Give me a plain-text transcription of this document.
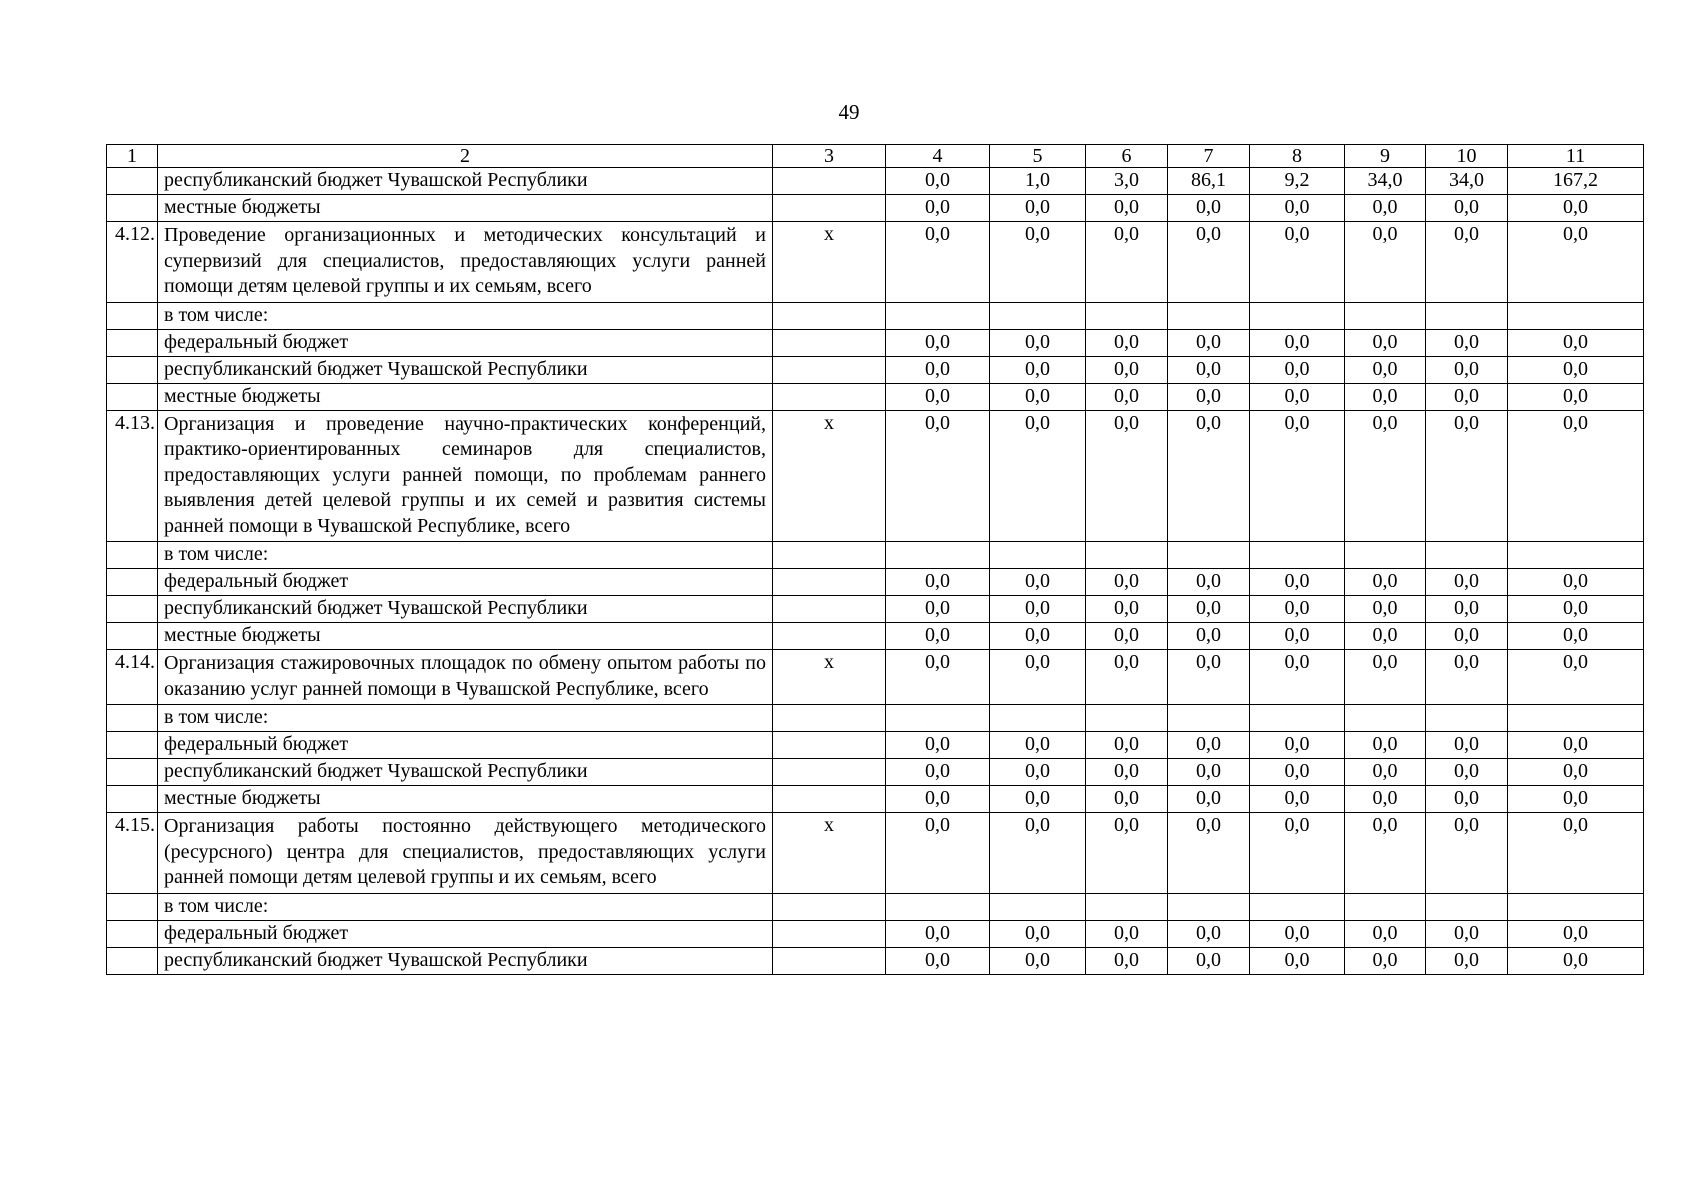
49
1	2	3	4	5	6	7	8	9	10	11
	республиканский бюджет Чувашской Республики		0,0	1,0	3,0	86,1	9,2	34,0	34,0	167,2
	местные бюджеты		0,0	0,0	0,0	0,0	0,0	0,0	0,0	0,0
4.12.	Проведение организационных и методических консультаций и супервизий для специалистов, предоставляющих услуги ранней помощи детям целевой группы и их семьям, всего	х	0,0	0,0	0,0	0,0	0,0	0,0	0,0	0,0
	в том числе:									
	федеральный бюджет		0,0	0,0	0,0	0,0	0,0	0,0	0,0	0,0
	республиканский бюджет Чувашской Республики		0,0	0,0	0,0	0,0	0,0	0,0	0,0	0,0
	местные бюджеты		0,0	0,0	0,0	0,0	0,0	0,0	0,0	0,0
4.13.	Организация и проведение научно-практических конференций, практико-ориентированных семинаров для специалистов, предоставляющих услуги ранней помощи, по проблемам раннего выявления детей целевой группы и их семей и развития системы ранней помощи в Чувашской Республике, всего	х	0,0	0,0	0,0	0,0	0,0	0,0	0,0	0,0
	в том числе:									
	федеральный бюджет		0,0	0,0	0,0	0,0	0,0	0,0	0,0	0,0
	республиканский бюджет Чувашской Республики		0,0	0,0	0,0	0,0	0,0	0,0	0,0	0,0
	местные бюджеты		0,0	0,0	0,0	0,0	0,0	0,0	0,0	0,0
4.14.	Организация стажировочных площадок по обмену опытом работы по оказанию услуг ранней помощи в Чувашской Республике, всего	х	0,0	0,0	0,0	0,0	0,0	0,0	0,0	0,0
	в том числе:									
	федеральный бюджет		0,0	0,0	0,0	0,0	0,0	0,0	0,0	0,0
	республиканский бюджет Чувашской Республики		0,0	0,0	0,0	0,0	0,0	0,0	0,0	0,0
	местные бюджеты		0,0	0,0	0,0	0,0	0,0	0,0	0,0	0,0
4.15.	Организация работы постоянно действующего методического (ресурсного) центра для специалистов, предоставляющих услуги ранней помощи детям целевой группы и их семьям, всего	х	0,0	0,0	0,0	0,0	0,0	0,0	0,0	0,0
	в том числе:									
	федеральный бюджет		0,0	0,0	0,0	0,0	0,0	0,0	0,0	0,0
	республиканский бюджет Чувашской Республики		0,0	0,0	0,0	0,0	0,0	0,0	0,0	0,0
